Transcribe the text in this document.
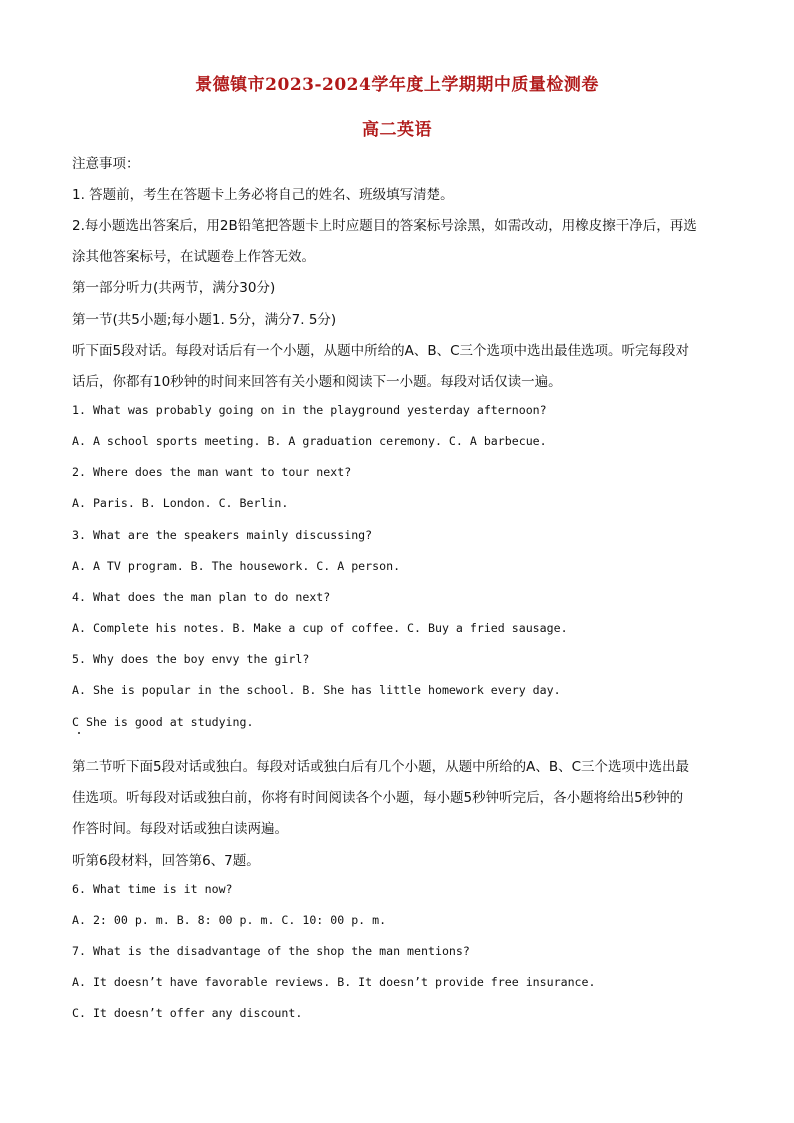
景德镇市2023-2024学年度上学期期中质量检测卷
高二英语
注意事项：
1. 答题前，考生在答题卡上务必将自己的姓名、班级填写清楚。
2.每小题选出答案后，用2B铅笔把答题卡上时应题目的答案标号涂黑，如需改动，用橡皮擦干净后，再选
涂其他答案标号，在试题卷上作答无效。
第一部分听力(共两节，满分30分)
第一节(共5小题;每小题1. 5分，满分7. 5分)
听下面5段对话。每段对话后有一个小题，从题中所给的A、B、C三个选项中选出最佳选项。听完每段对
话后，你都有10秒钟的时间来回答有关小题和阅读下一小题。每段对话仅读一遍。
1. What was probably going on in the playground yesterday afternoon?
A. A school sports meeting. B. A graduation ceremony. C. A barbecue.
2. Where does the man want to tour next?
A. Paris. B. London. C. Berlin.
3. What are the speakers mainly discussing?
A. A TV program. B. The housework. C. A person.
4. What does the man plan to do next?
A. Complete his notes. B. Make a cup of coffee. C. Buy a fried sausage.
5. Why does the boy envy the girl?
A. She is popular in the school. B. She has little homework every day.
C She is good at studying.
第二节听下面5段对话或独白。每段对话或独白后有几个小题，从题中所给的A、B、C三个选项中选出最
佳选项。听每段对话或独白前，你将有时间阅读各个小题，每小题5秒钟听完后，各小题将给出5秒钟的
作答时间。每段对话或独白读两遍。
听第6段材料，回答第6、7题。
6. What time is it now?
A. 2: 00 p. m. B. 8: 00 p. m. C. 10: 00 p. m.
7. What is the disadvantage of the shop the man mentions?
A. It doesn’t have favorable reviews. B. It doesn’t provide free insurance.
C. It doesn’t offer any discount.
